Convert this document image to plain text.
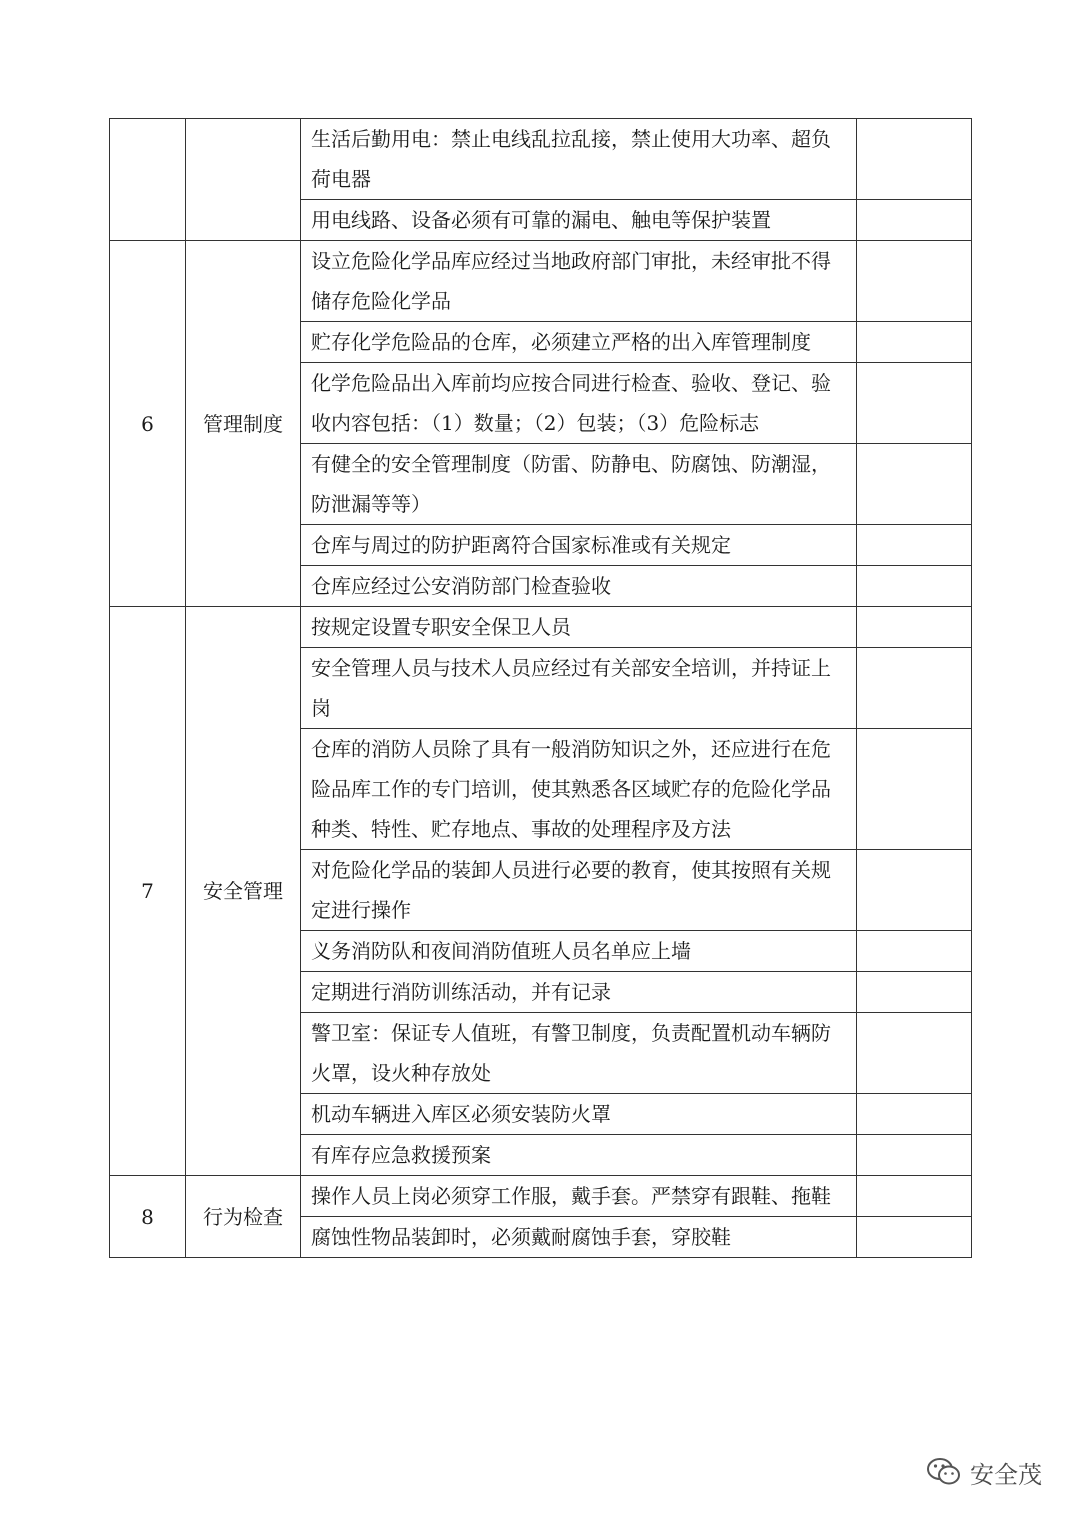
		生活后勤用电：禁止电线乱拉乱接，禁止使用大功率、超负荷电器	
		用电线路、设备必须有可靠的漏电、触电等保护装置	
6	管理制度	设立危险化学品库应经过当地政府部门审批，未经审批不得储存危险化学品	
		贮存化学危险品的仓库，必须建立严格的出入库管理制度	
		化学危险品出入库前均应按合同进行检查、验收、登记、验收内容包括：（1）数量；（2）包装；（3）危险标志	
		有健全的安全管理制度（防雷、防静电、防腐蚀、防潮湿，防泄漏等等）	
		仓库与周过的防护距离符合国家标准或有关规定	
		仓库应经过公安消防部门检查验收	
7	安全管理	按规定设置专职安全保卫人员	
		安全管理人员与技术人员应经过有关部安全培训，并持证上岗	
		仓库的消防人员除了具有一般消防知识之外，还应进行在危险品库工作的专门培训，使其熟悉各区域贮存的危险化学品种类、特性、贮存地点、事故的处理程序及方法	
		对危险化学品的装卸人员进行必要的教育，使其按照有关规定进行操作	
		义务消防队和夜间消防值班人员名单应上墙	
		定期进行消防训练活动，并有记录	
		警卫室：保证专人值班，有警卫制度，负责配置机动车辆防火罩，设火种存放处	
		机动车辆进入库区必须安装防火罩	
		有库存应急救援预案	
8	行为检查	操作人员上岗必须穿工作服，戴手套。严禁穿有跟鞋、拖鞋	
		腐蚀性物品装卸时，必须戴耐腐蚀手套，穿胶鞋	
安全茂
